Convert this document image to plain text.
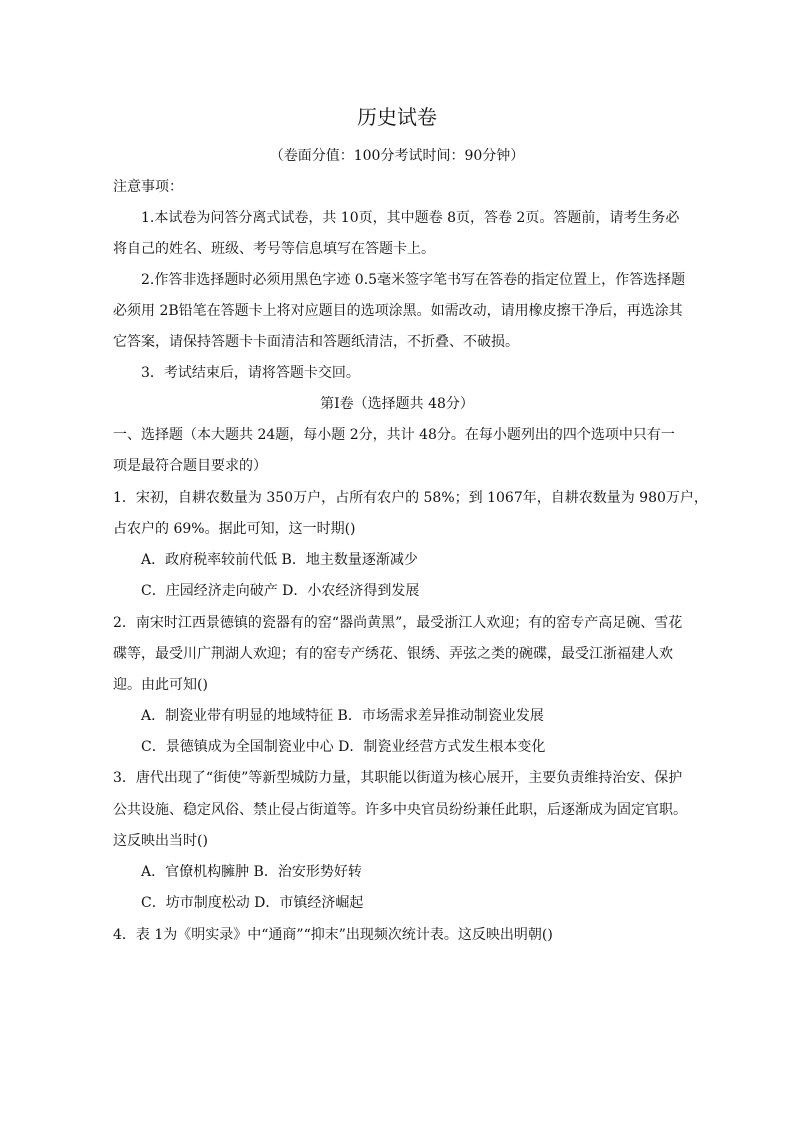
历史试卷
（卷面分值：100分考试时间：90分钟）
注意事项：
1.本试卷为问答分离式试卷，共 10页，其中题卷 8页，答卷 2页。答题前，请考生务必
将自己的姓名、班级、考号等信息填写在答题卡上。
2.作答非选择题时必须用黑色字迹 0.5毫米签字笔书写在答卷的指定位置上，作答选择题
必须用 2B铅笔在答题卡上将对应题目的选项涂黑。如需改动，请用橡皮擦干净后，再选涂其
它答案，请保持答题卡卡面清洁和答题纸清洁，不折叠、不破损。
3．考试结束后，请将答题卡交回。
第Ⅰ卷（选择题共 48分）
一、选择题（本大题共 24题，每小题 2分，共计 48分。在每小题列出的四个选项中只有一
项是最符合题目要求的）
1．宋初，自耕农数量为 350万户，占所有农户的 58%；到 1067年，自耕农数量为 980万户，
占农户的 69%。据此可知，这一时期()
A．政府税率较前代低 B．地主数量逐渐减少
C．庄园经济走向破产 D．小农经济得到发展
2．南宋时江西景德镇的瓷器有的窑“器尚黄黑”，最受浙江人欢迎；有的窑专产高足碗、雪花
碟等，最受川广荆湖人欢迎；有的窑专产绣花、银绣、弄弦之类的碗碟，最受江浙福建人欢
迎。由此可知()
A．制瓷业带有明显的地域特征 B．市场需求差异推动制瓷业发展
C．景德镇成为全国制瓷业中心 D．制瓷业经营方式发生根本变化
3．唐代出现了“街使”等新型城防力量，其职能以街道为核心展开，主要负责维持治安、保护
公共设施、稳定风俗、禁止侵占街道等。许多中央官员纷纷兼任此职，后逐渐成为固定官职。
这反映出当时()
A．官僚机构臃肿 B．治安形势好转
C．坊市制度松动 D．市镇经济崛起
4．表 1为《明实录》中“通商”“抑末”出现频次统计表。这反映出明朝()
